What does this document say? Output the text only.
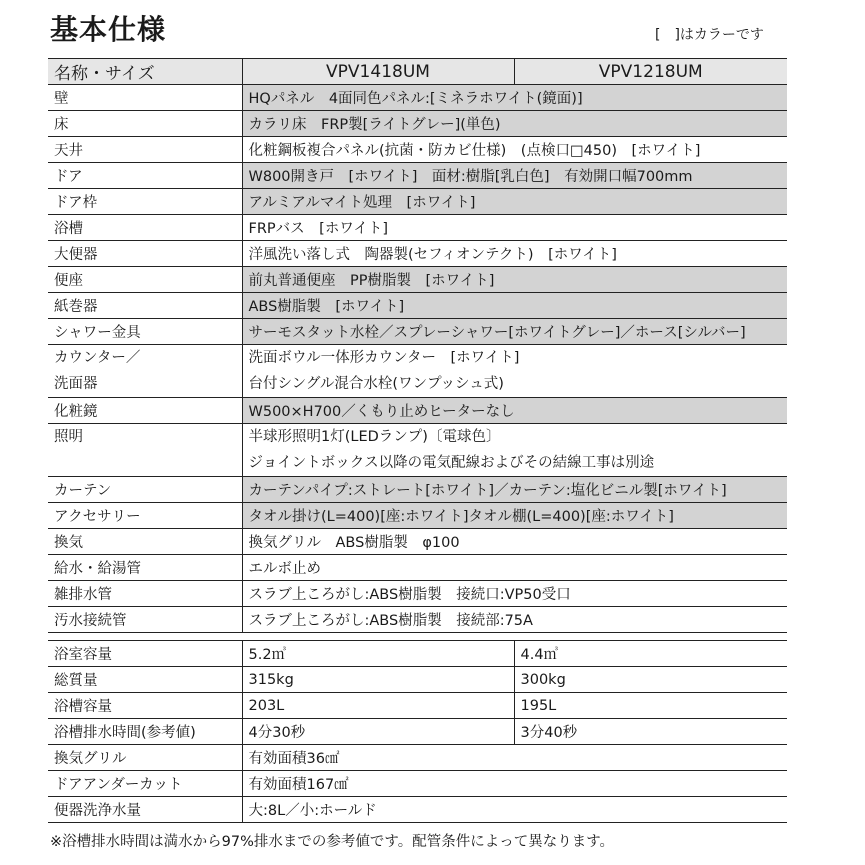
基本仕様	[　]はカラーです
名称・サイズ	VPV1418UM	VPV1218UM
壁	HQパネル　4面同色パネル:[ミネラホワイト(鏡面)]	
床	カラリ床　FRP製[ライトグレー](単色)	
天井	化粧鋼板複合パネル(抗菌・防カビ仕様)　(点検口□450)　[ホワイト]	
ドア	W800開き戸　[ホワイト]　面材:樹脂[乳白色]　有効開口幅700mm	
ドア枠	アルミアルマイト処理　[ホワイト]	
浴槽	FRPバス　[ホワイト]	
大便器	洋風洗い落し式　陶器製(セフィオンテクト)　[ホワイト]	
便座	前丸普通便座　PP樹脂製　[ホワイト]	
紙巻器	ABS樹脂製　[ホワイト]	
シャワー金具	サーモスタット水栓／スプレーシャワー[ホワイトグレー]／ホース[シルバー]	
カウンター／
洗面器	洗面ボウル一体形カウンター　[ホワイト]
台付シングル混合水栓(ワンプッシュ式)	
化粧鏡	W500×H700／くもり止めヒーターなし	
照明	半球形照明1灯(LEDランプ)〔電球色〕
ジョイントボックス以降の電気配線およびその結線工事は別途	
カーテン	カーテンパイプ:ストレート[ホワイト]／カーテン:塩化ビニル製[ホワイト]	
アクセサリー	タオル掛け(L=400)[座:ホワイト]タオル棚(L=400)[座:ホワイト]	
換気	換気グリル　ABS樹脂製　φ100	
給水・給湯管	エルボ止め	
雑排水管	スラブ上ころがし:ABS樹脂製　接続口:VP50受口	
汚水接続管	スラブ上ころがし:ABS樹脂製　接続部:75A	
浴室容量	5.2㎥	4.4㎥
総質量	315kg	300kg
浴槽容量	203L	195L
浴槽排水時間(参考値)	4分30秒	3分40秒
換気グリル	有効面積36㎠	
ドアアンダーカット	有効面積167㎠	
便器洗浄水量	大:8L／小:ホールド	
※浴槽排水時間は満水から97%排水までの参考値です。配管条件によって異なります。
